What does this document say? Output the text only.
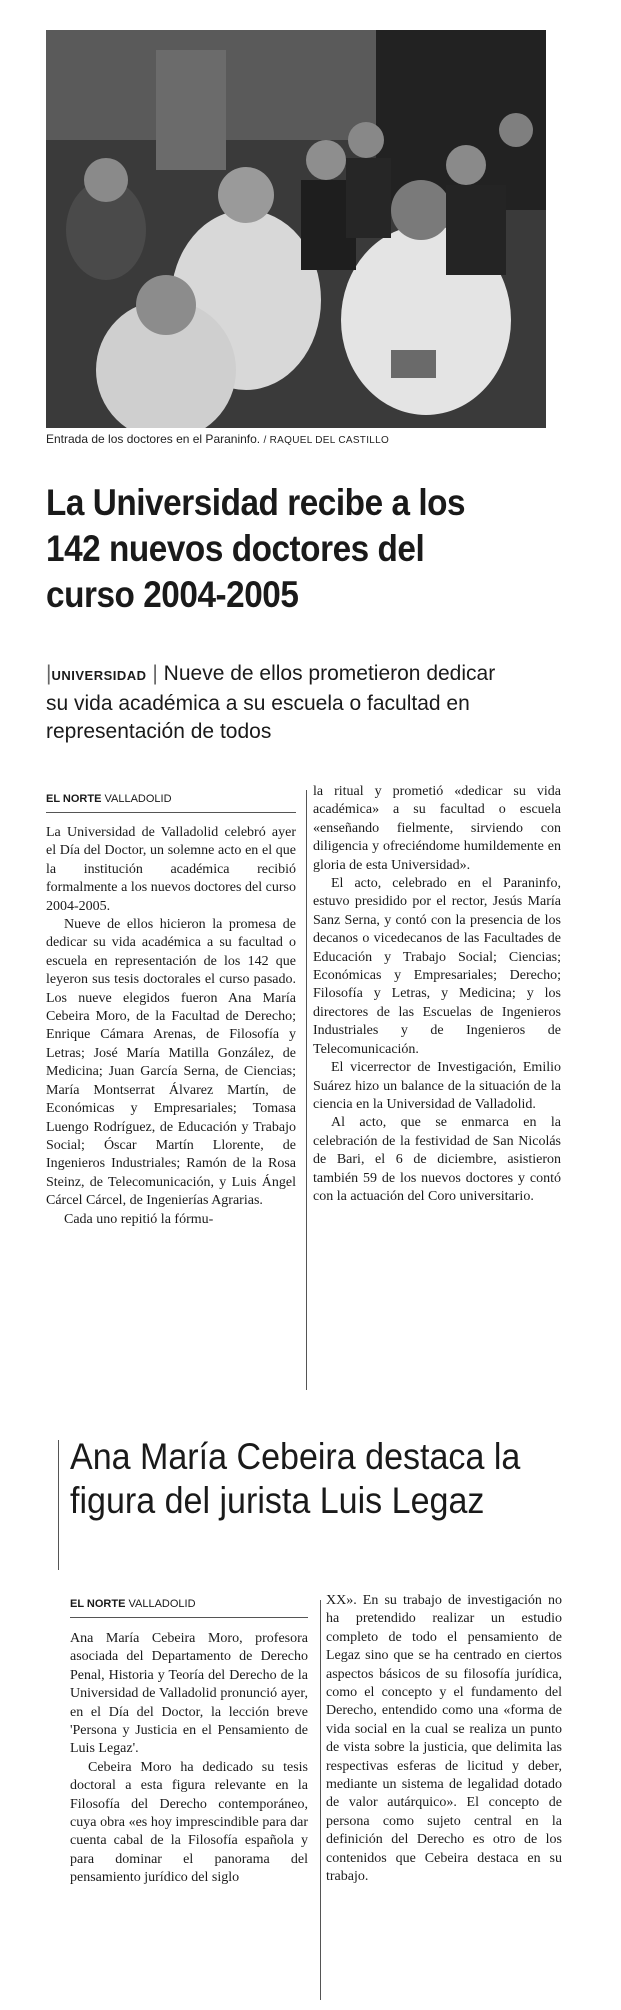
Entrada de los doctores en el Paraninfo. / RAQUEL DEL CASTILLO
La Universidad recibe a los 142 nuevos doctores del curso 2004-2005
|UNIVERSIDAD | Nueve de ellos prometieron dedicar su vida académica a su escuela o facultad en representación de todos
EL NORTE VALLADOLID

La Universidad de Valladolid celebró ayer el Día del Doctor, un solemne acto en el que la institución académica recibió formalmente a los nuevos doctores del curso 2004-2005.

Nueve de ellos hicieron la promesa de dedicar su vida académica a su facultad o escuela en representación de los 142 que leyeron sus tesis doctorales el curso pasado. Los nueve elegidos fueron Ana María Cebeira Moro, de la Facultad de Derecho; Enrique Cámara Arenas, de Filosofía y Letras; José María Matilla González, de Medicina; Juan García Serna, de Ciencias; María Montserrat Álvarez Martín, de Económicas y Empresariales; Tomasa Luengo Rodríguez, de Educación y Trabajo Social; Óscar Martín Llorente, de Ingenieros Industriales; Ramón de la Rosa Steinz, de Telecomunicación, y Luis Ángel Cárcel Cárcel, de Ingenierías Agrarias.

Cada uno repitió la fórmu-

la ritual y prometió «dedicar su vida académica» a su facultad o escuela «enseñando fielmente, sirviendo con diligencia y ofreciéndome humildemente en gloria de esta Universidad».

El acto, celebrado en el Paraninfo, estuvo presidido por el rector, Jesús María Sanz Serna, y contó con la presencia de los decanos o vicedecanos de las Facultades de Educación y Trabajo Social; Ciencias; Económicas y Empresariales; Derecho; Filosofía y Letras, y Medicina; y los directores de las Escuelas de Ingenieros Industriales y de Ingenieros de Telecomunicación.

El vicerrector de Investigación, Emilio Suárez hizo un balance de la situación de la ciencia en la Universidad de Valladolid.

Al acto, que se enmarca en la celebración de la festividad de San Nicolás de Bari, el 6 de diciembre, asistieron también 59 de los nuevos doctores y contó con la actuación del Coro universitario.

Ana María Cebeira destaca la figura del jurista Luis Legaz
EL NORTE VALLADOLID

Ana María Cebeira Moro, profesora asociada del Departamento de Derecho Penal, Historia y Teoría del Derecho de la Universidad de Valladolid pronunció ayer, en el Día del Doctor, la lección breve 'Persona y Justicia en el Pensamiento de Luis Legaz'.

Cebeira Moro ha dedicado su tesis doctoral a esta figura relevante en la Filosofía del Derecho contemporáneo, cuya obra «es hoy imprescindible para dar cuenta cabal de la Filosofía española y para dominar el panorama del pensamiento jurídico del siglo

XX». En su trabajo de investigación no ha pretendido realizar un estudio completo de todo el pensamiento de Legaz sino que se ha centrado en ciertos aspectos básicos de su filosofía jurídica, como el concepto y el fundamento del Derecho, entendido como una «forma de vida social en la cual se realiza un punto de vista sobre la justicia, que delimita las respectivas esferas de licitud y deber, mediante un sistema de legalidad dotado de valor autárquico». El concepto de persona como sujeto central en la definición del Derecho es otro de los contenidos que Cebeira destaca en su trabajo.
